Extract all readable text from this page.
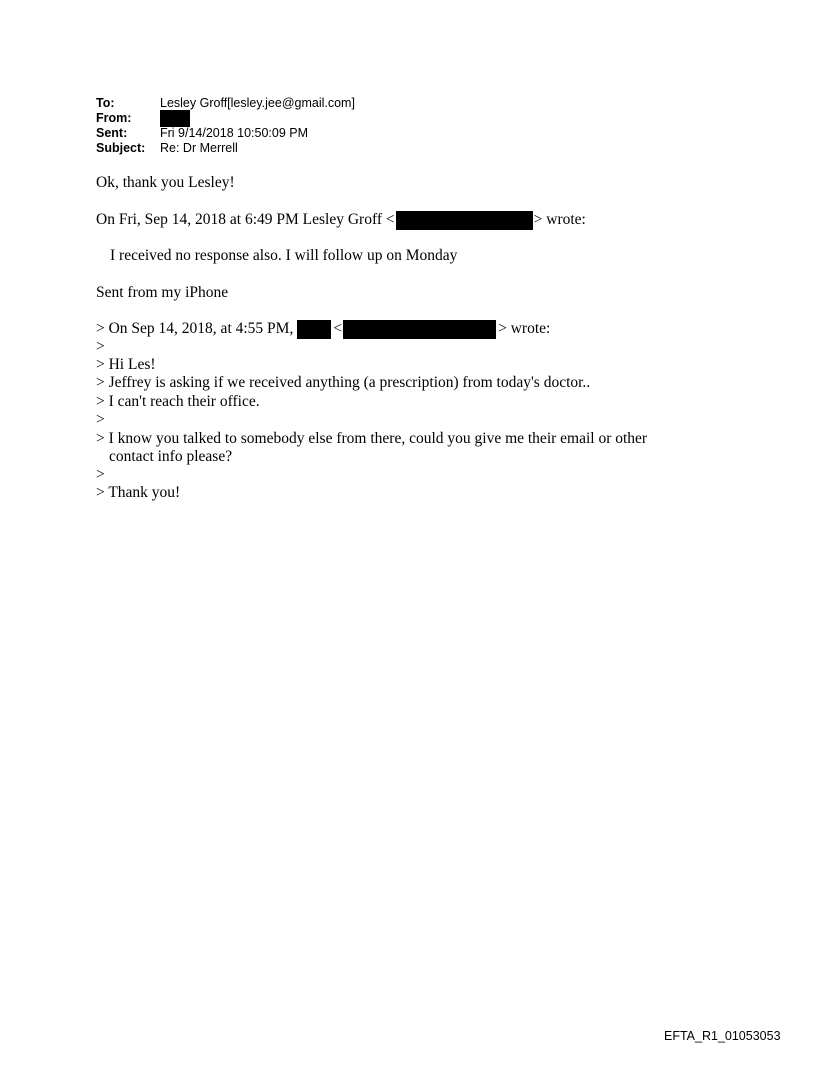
To:	Lesley Groff[lesley.jee@gmail.com]
From:
Sent:	Fri 9/14/2018 10:50:09 PM
Subject:	Re: Dr Merrell
Ok, thank you Lesley!
On Fri, Sep 14, 2018 at 6:49 PM Lesley Groff <	> wrote:
I received no response also. I will follow up on Monday
Sent from my iPhone
> On Sep 14, 2018, at 4:55 PM,	<	> wrote:
>
> Hi Les!
> Jeffrey is asking if we received anything (a prescription) from today's doctor..
> I can't reach their office.
>
> I know you talked to somebody else from there, could you give me their email or other
contact info please?
>
> Thank you!
EFTA_R1_01053053
